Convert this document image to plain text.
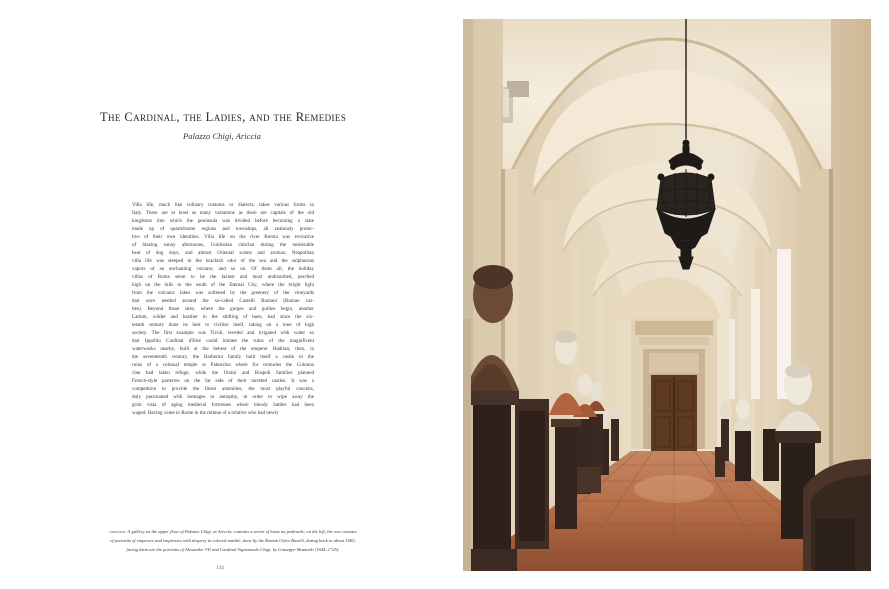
The Cardinal, the Ladies, and the Remedies
Palazzo Chigi, Ariccia
Villa life, much like culinary customs or dialects, takes various forms in
Italy. There are at least as many variations as there are capitals of the old
kingdoms into which the peninsula was divided before becoming a state
made up of quarrelsome regions and townships, all zealously protec-
tive of their own identities. Villa life on the river Brenta was evocative
of blazing sunny afternoons, Goldonian chitchat during the intolerable
heat of dog days, and almost Oriental scents and aromas; Neapolitan
villa life was steeped in the brackish odor of the sea and the sulphurous
vapors of an enchanting volcano; and so on. Of them all, the holiday
villas of Rome seem to be the laziest and most undisturbed, perched
high on the hills to the south of the Eternal City, where the bright light
from the volcanic lakes was softened by the greenery of the vineyards
that once nestled around the so-called Castelli Romani (Roman cas-
tles). Beyond those sites, where the gorges and gullies begin, another
Latium, wilder and harsher in the shifting of hues, had since the six-
teenth century done its best to civilize itself, taking on a tone of high
society. The first example was Tivoli, leveled and irrigated with water so
that Ippolito Cardinal d'Este could imitate the ruins of the magnificent
waterworks nearby, built at the behest of the emperor Hadrian; then, in
the seventeenth century, the Barberini family built itself a castle in the
ruins of a colossal temple at Palestrina where for centuries the Colonna
clan had taken refuge, while the Orsini and Ruspoli families planned
French-style parterres on the far side of their turreted castles. It was a
competition to provide the finest amenities, the most playful conceits,
duly punctuated with homages to antiquity, in order to wipe away the
grim vista of aging medieval fortresses where bloody battles had been
waged. Having come to Rome in the retinue of a relative who had newly
opposite: A gallery on the upper floor of Palazzo Chigi, at Ariccia, contains a series of busts on pedestals; on the left, the row consists
of portraits of emperors and empresses with drapery in colored marble, done by the Roman Orfeo Boselli, dating back to about 1665;
facing them are the portraits of Alexander VII and Cardinal Sigismondo Chigi, by Giuseppe Mazzuoli (1644–1725).
134
